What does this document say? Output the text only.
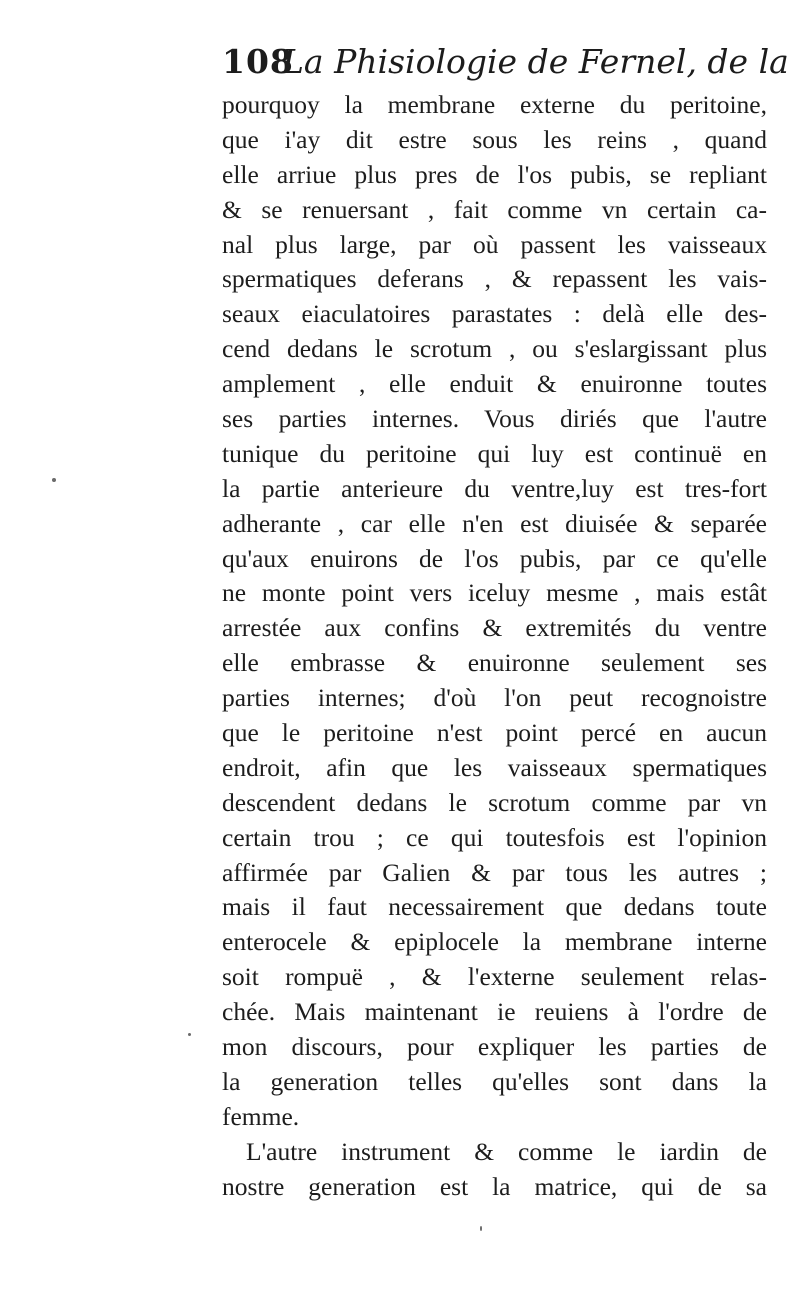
108
La Phisiologie de Fernel, de la
pourquoy la membrane externe du peritoine,
que i'ay dit estre sous les reins , quand
elle arriue plus pres de l'os pubis, se repliant
& se renuersant , fait comme vn certain ca-
nal plus large, par où passent les vaisseaux
spermatiques deferans , & repassent les vais-
seaux eiaculatoires parastates : delà elle des-
cend dedans le scrotum , ou s'eslargissant plus
amplement , elle enduit & enuironne toutes
ses parties internes. Vous diriés que l'autre
tunique du peritoine qui luy est continuë en
la partie anterieure du ventre,luy est tres-fort
adherante , car elle n'en est diuisée & separée
qu'aux enuirons de l'os pubis, par ce qu'elle
ne monte point vers iceluy mesme , mais estât
arrestée aux confins & extremités du ventre
elle embrasse & enuironne seulement ses
parties internes; d'où l'on peut recognoistre
que le peritoine n'est point percé en aucun
endroit, afin que les vaisseaux spermatiques
descendent dedans le scrotum comme par vn
certain trou ; ce qui toutesfois est l'opinion
affirmée par Galien & par tous les autres ;
mais il faut necessairement que dedans toute
enterocele & epiplocele la membrane interne
soit rompuë , & l'externe seulement relas-
chée. Mais maintenant ie reuiens à l'ordre de
mon discours, pour expliquer les parties de
la generation telles qu'elles sont dans la
femme.
L'autre instrument & comme le iardin de
nostre generation est la matrice, qui de sa
